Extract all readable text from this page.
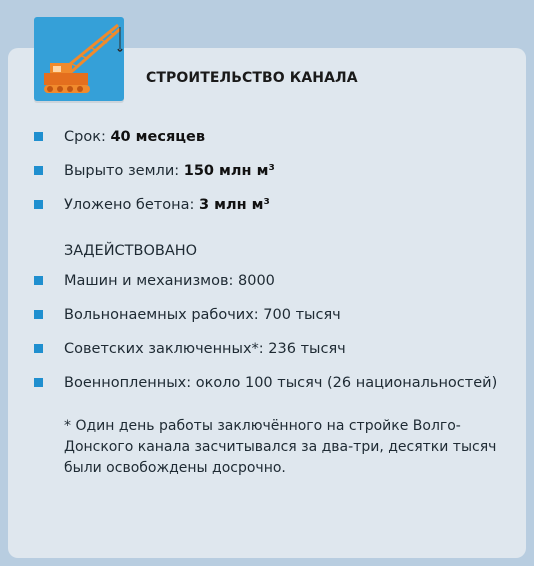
СТРОИТЕЛЬСТВО КАНАЛА
Срок: 40 месяцев
Вырыто земли: 150 млн м³
Уложено бетона: 3 млн м³
ЗАДЕЙСТВОВАНО
Машин и механизмов: 8000
Вольнонаемных рабочих: 700 тысяч
Советских заключенных*: 236 тысяч
Военнопленных: около 100 тысяч (26 национальностей)
* Один день работы заключённого на стройке Волго-Донского канала засчитывался за два-три, десятки тысяч были освобождены досрочно.
